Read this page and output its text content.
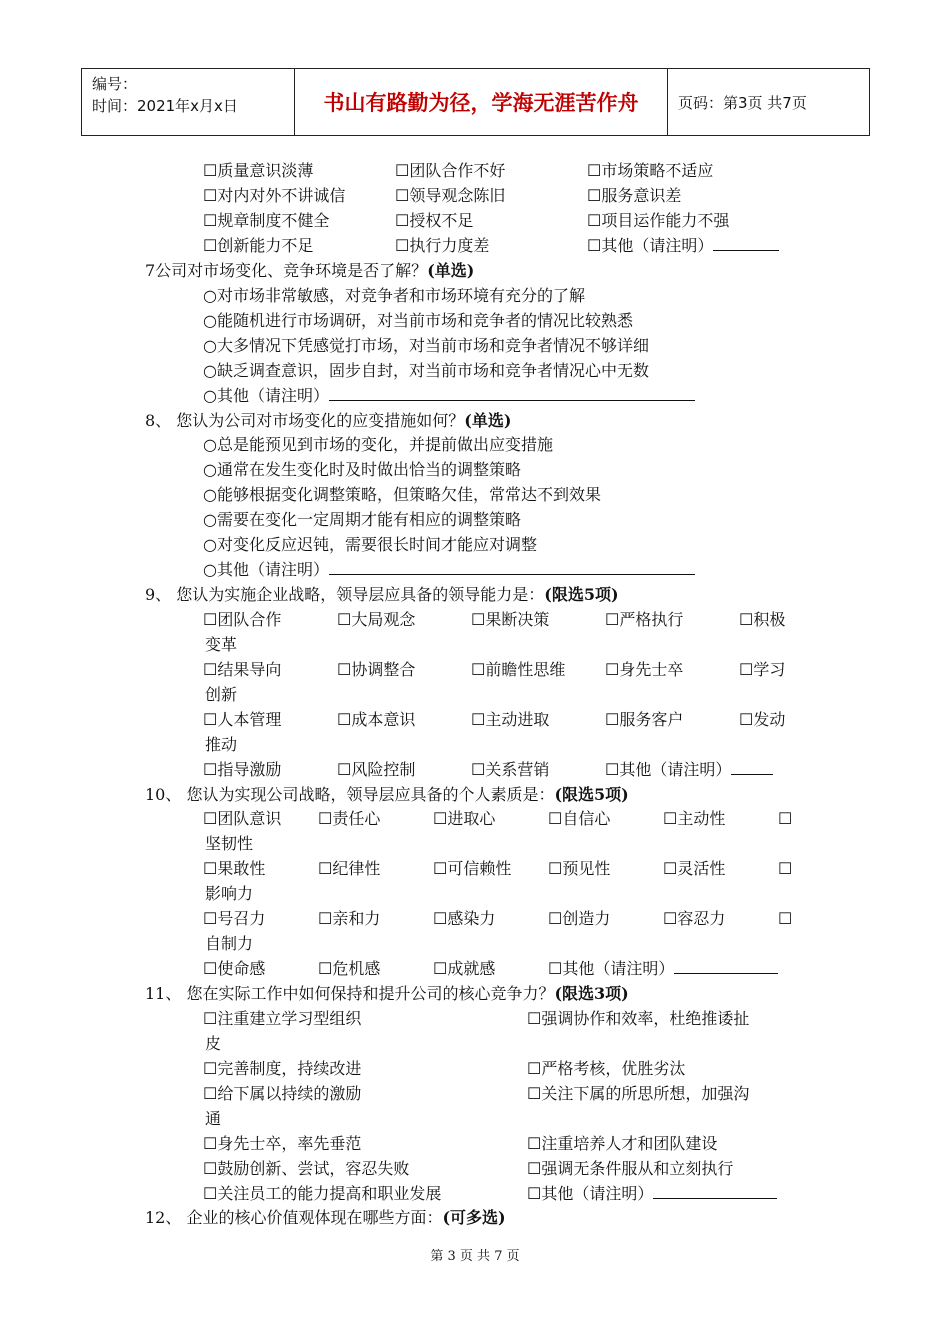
编号：
时间：2021年x月x日	书山有路勤为径，学海无涯苦作舟	页码：第3页 共7页
☐质量意识淡薄	☐团队合作不好	☐市场策略不适应
☐对内对外不讲诚信	☐领导观念陈旧	☐服务意识差
☐规章制度不健全	☐授权不足	☐项目运作能力不强
☐创新能力不足	☐执行力度差	☐其他（请注明）
7公司对市场变化、竞争环境是否了解？(单选)
○对市场非常敏感，对竞争者和市场环境有充分的了解
○能随机进行市场调研，对当前市场和竞争者的情况比较熟悉
○大多情况下凭感觉打市场，对当前市场和竞争者情况不够详细
○缺乏调查意识，固步自封，对当前市场和竞争者情况心中无数
○其他（请注明）
8、 您认为公司对市场变化的应变措施如何？(单选)
○总是能预见到市场的变化，并提前做出应变措施
○通常在发生变化时及时做出恰当的调整策略
○能够根据变化调整策略，但策略欠佳，常常达不到效果
○需要在变化一定周期才能有相应的调整策略
○对变化反应迟钝，需要很长时间才能应对调整
○其他（请注明）
9、 您认为实施企业战略，领导层应具备的领导能力是：(限选5项)
☐团队合作	☐大局观念	☐果断决策	☐严格执行	☐积极
变革
☐结果导向	☐协调整合	☐前瞻性思维 ☐身先士卒	☐学习
创新
☐人本管理	☐成本意识	☐主动进取	☐服务客户	☐发动
推动
☐指导激励	☐风险控制	☐关系营销	☐其他（请注明）
10、 您认为实现公司战略，领导层应具备的个人素质是：(限选5项)
☐团队意识 ☐责任心	☐进取心	☐自信心	☐主动性	☐
坚韧性
☐果敢性	☐纪律性	☐可信赖性 ☐预见性	☐灵活性	☐
影响力
☐号召力	☐亲和力	☐感染力	☐创造力	☐容忍力	☐
自制力
☐使命感	☐危机感	☐成就感	☐其他（请注明）
11、 您在实际工作中如何保持和提升公司的核心竞争力？(限选3项)
☐注重建立学习型组织	☐强调协作和效率，杜绝推诿扯
皮
☐完善制度，持续改进	☐严格考核，优胜劣汰
☐给下属以持续的激励	☐关注下属的所思所想，加强沟
通
☐身先士卒，率先垂范	☐注重培养人才和团队建设
☐鼓励创新、尝试，容忍失败	☐强调无条件服从和立刻执行
☐关注员工的能力提高和职业发展	☐其他（请注明）
12、 企业的核心价值观体现在哪些方面：(可多选)
第 3 页 共 7 页
